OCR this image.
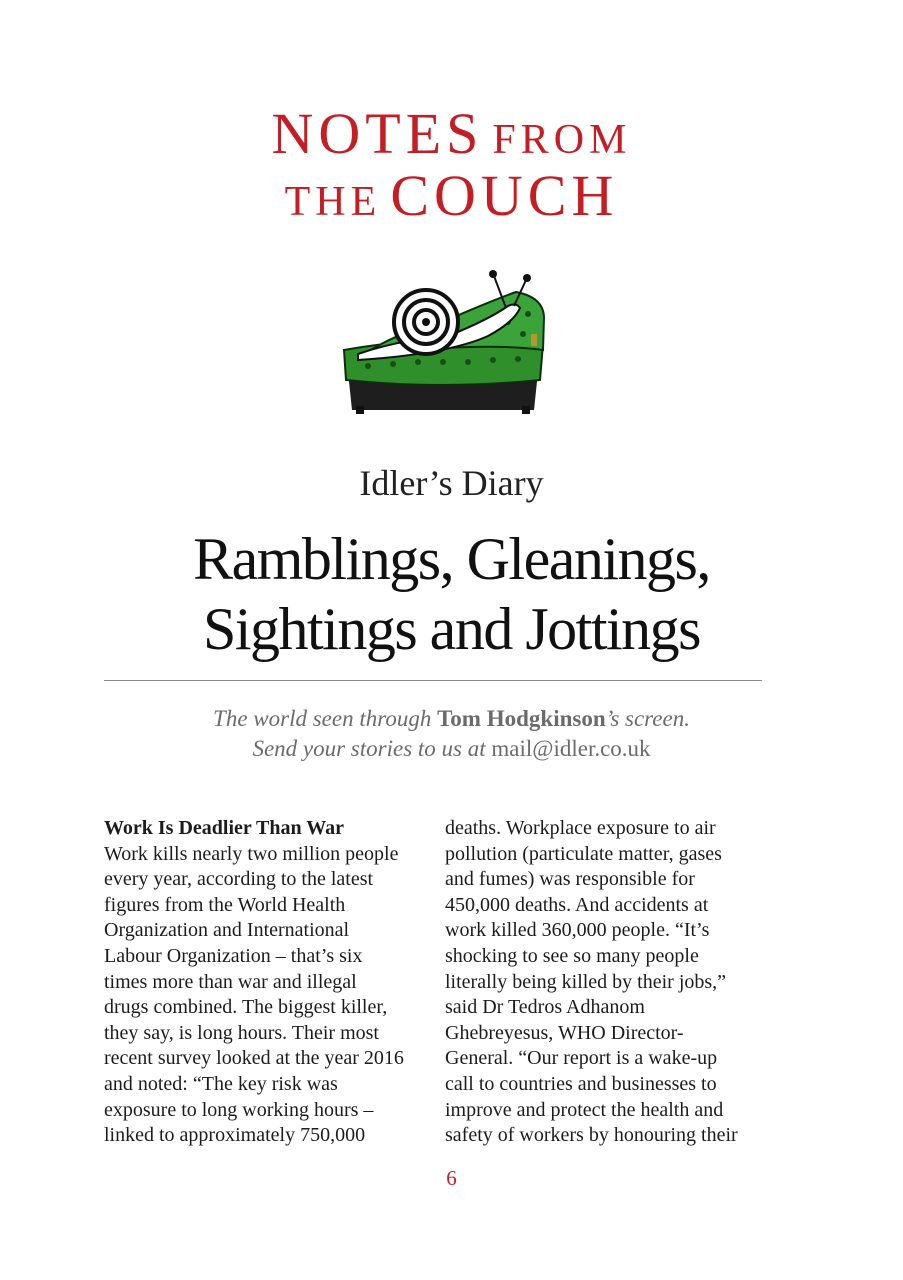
NOTES FROM
THE COUCH
Idler’s Diary
Ramblings, Gleanings,
Sightings and Jottings
The world seen through Tom Hodgkinson’s screen.
Send your stories to us at mail@idler.co.uk
Work Is Deadlier Than War
Work kills nearly two million people
every year, according to the latest
figures from the World Health
Organization and International
Labour Organization – that’s six
times more than war and illegal
drugs combined. The biggest killer,
they say, is long hours. Their most
recent survey looked at the year 2016
and noted: “The key risk was
exposure to long working hours –
linked to approximately 750,000
deaths. Workplace exposure to air
pollution (particulate matter, gases
and fumes) was responsible for
450,000 deaths. And accidents at
work killed 360,000 people. “It’s
shocking to see so many people
literally being killed by their jobs,”
said Dr Tedros Adhanom
Ghebreyesus, WHO Director-
General. “Our report is a wake-up
call to countries and businesses to
improve and protect the health and
safety of workers by honouring their
6
